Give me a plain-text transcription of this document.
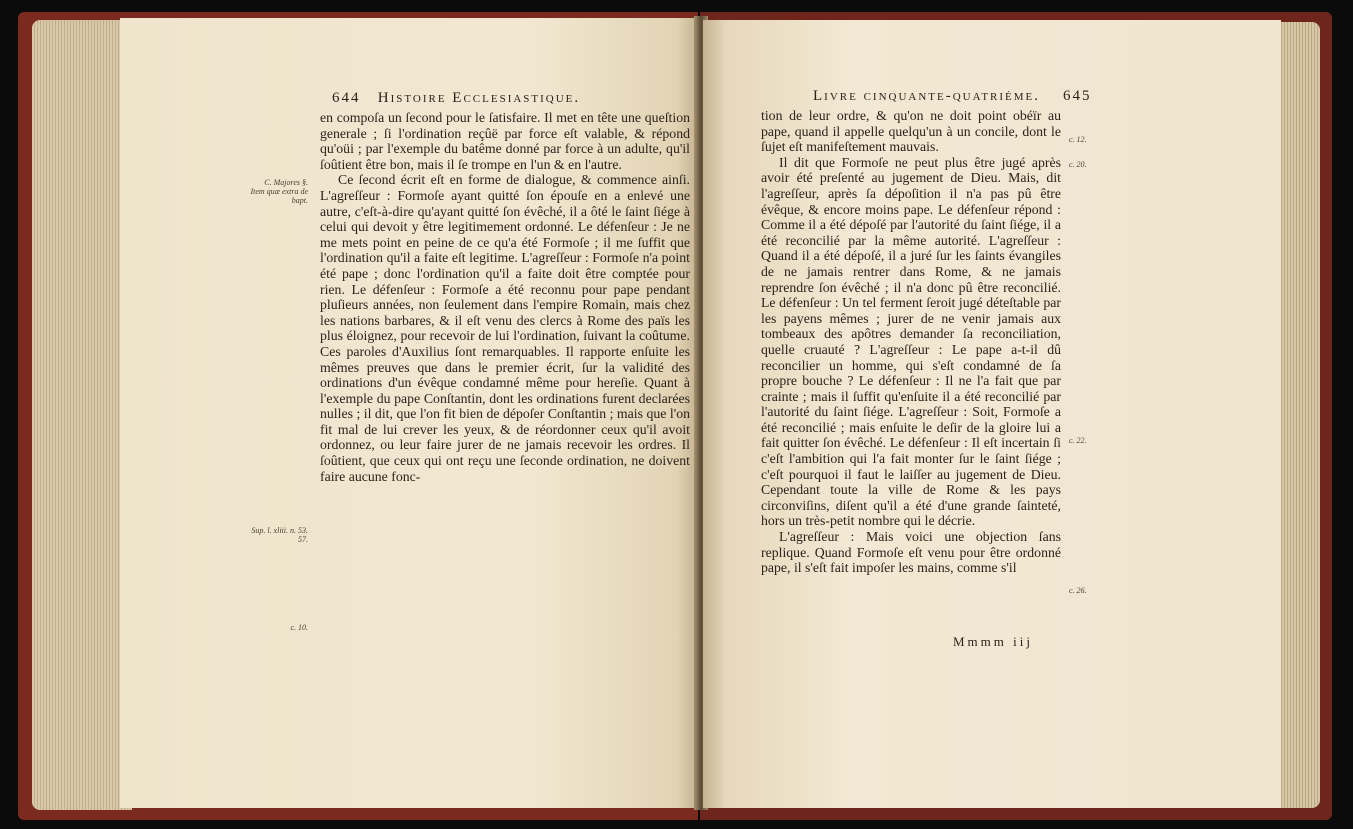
644 Histoire Ecclesiastique.
C. Majores §. Item quæ extra de bapt.
Sup. l. xliii. n. 53. 57.
c. 10.

en compoſa un ſecond pour le ſatisfaire. Il met en tête une queſtion generale ; ſi l'ordination reçûë par force eſt valable, & répond qu'oüi ; par l'exemple du batême donné par force à un adulte, qu'il ſoûtient être bon, mais il ſe trompe en l'un & en l'autre.

Ce ſecond écrit eſt en forme de dialogue, & commence ainſi. L'agreſſeur : Formoſe ayant quitté ſon épouſe en a enlevé une autre, c'eſt-à-dire qu'ayant quitté ſon évêché, il a ôté le ſaint ſiége à celui qui devoit y être legitimement ordonné. Le défenſeur : Je ne me mets point en peine de ce qu'a été Formoſe ; il me ſuffit que l'ordination qu'il a faite eſt legitime. L'agreſſeur : Formoſe n'a point été pape ; donc l'ordination qu'il a faite doit être comptée pour rien. Le défenſeur : Formoſe a été reconnu pour pape pendant pluſieurs années, non ſeulement dans l'empire Romain, mais chez les nations barbares, & il eſt venu des clercs à Rome des païs les plus éloignez, pour recevoir de lui l'ordination, ſuivant la coûtume. Ces paroles d'Auxilius ſont remarquables. Il rapporte enſuite les mêmes preuves que dans le premier écrit, ſur la validité des ordinations d'un évêque condamné même pour hereſie. Quant à l'exemple du pape Conſtantin, dont les ordinations furent declarées nulles ; il dit, que l'on fit bien de dépoſer Conſtantin ; mais que l'on fit mal de lui crever les yeux, & de réordonner ceux qu'il avoit ordonnez, ou leur faire jurer de ne jamais recevoir les ordres. Il ſoûtient, que ceux qui ont reçu une ſeconde ordination, ne doivent faire aucune fonc-

Livre cinquante-quatriéme. 645
c. 12.
c. 20.
c. 22.
c. 26.

tion de leur ordre, & qu'on ne doit point obéïr au pape, quand il appelle quelqu'un à un concile, dont le ſujet eſt manifeſtement mauvais.

Il dit que Formoſe ne peut plus être jugé après avoir été preſenté au jugement de Dieu. Mais, dit l'agreſſeur, après ſa dépoſition il n'a pas pû être évêque, & encore moins pape. Le défenſeur répond : Comme il a été dépoſé par l'autorité du ſaint ſiége, il a été reconcilié par la même autorité. L'agreſſeur : Quand il a été dépoſé, il a juré ſur les ſaints évangiles de ne jamais rentrer dans Rome, & ne jamais reprendre ſon évêché ; il n'a donc pû être reconcilié. Le défenſeur : Un tel ferment ſeroit jugé déteſtable par les payens mêmes ; jurer de ne venir jamais aux tombeaux des apôtres demander ſa reconciliation, quelle cruauté ? L'agreſſeur : Le pape a-t-il dû reconcilier un homme, qui s'eſt condamné de ſa propre bouche ? Le défenſeur : Il ne l'a fait que par crainte ; mais il ſuffit qu'enſuite il a été reconcilié par l'autorité du ſaint ſiége. L'agreſſeur : Soit, Formoſe a été reconcilié ; mais enſuite le deſir de la gloire lui a fait quitter ſon évêché. Le défenſeur : Il eſt incertain ſi c'eſt l'ambition qui l'a fait monter ſur le ſaint ſiége ; c'eſt pourquoi il faut le laiſſer au jugement de Dieu. Cependant toute la ville de Rome & les pays circonviſins, diſent qu'il a été d'une grande ſainteté, hors un très-petit nombre qui le décrie.

L'agreſſeur : Mais voici une objection ſans replique. Quand Formoſe eſt venu pour être ordonné pape, il s'eſt fait impoſer les mains, comme s'il

Mmmm iij
